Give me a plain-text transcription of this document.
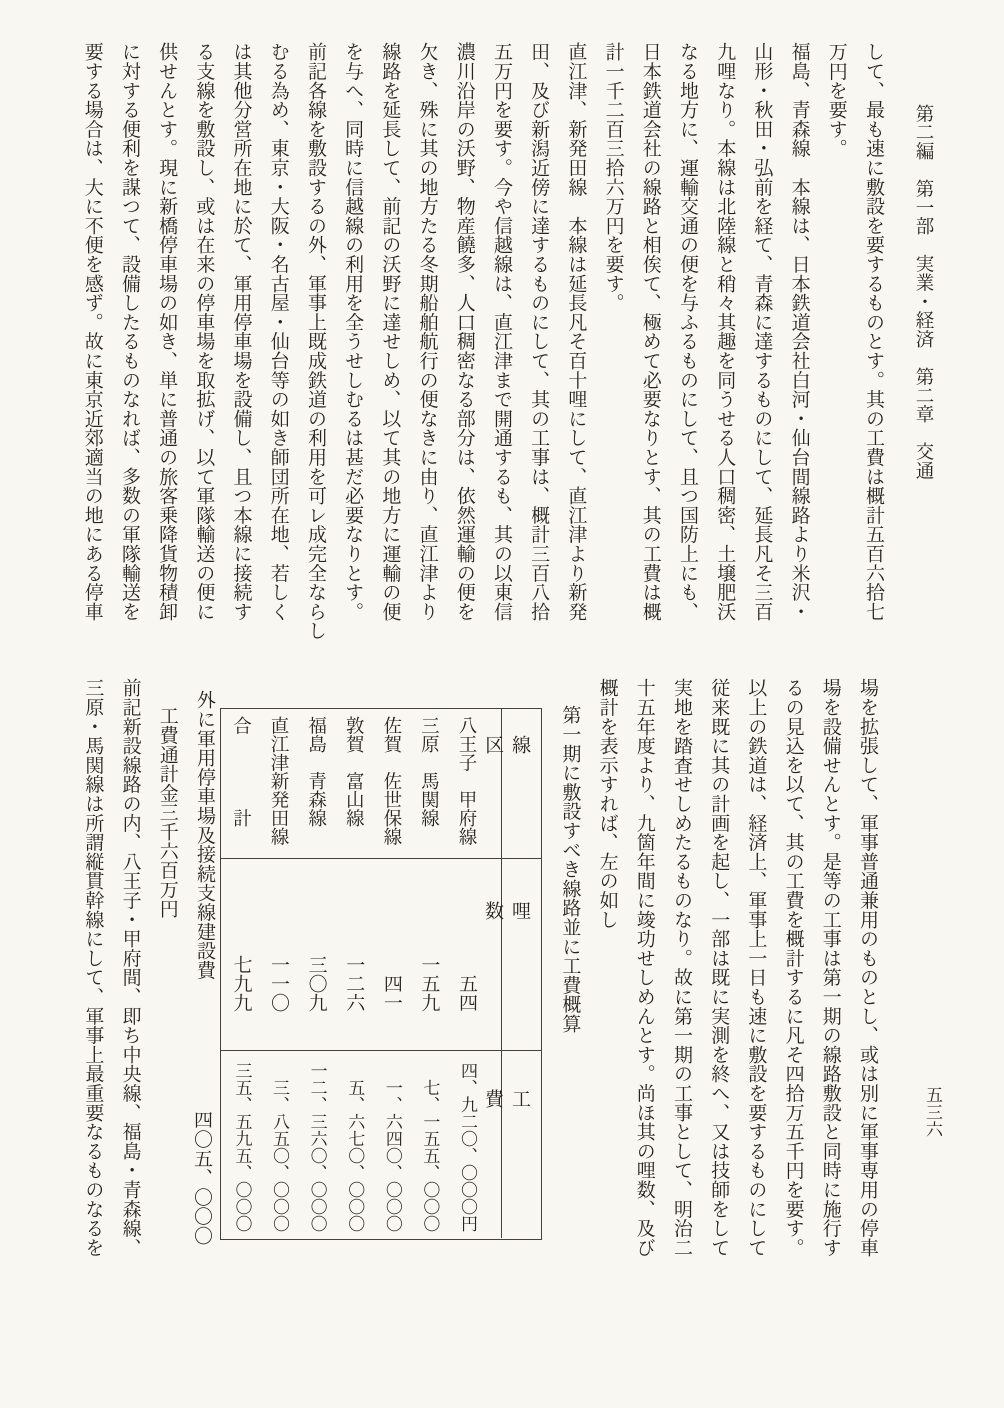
第二編　第一部　実業・経済　第二章　交通
五三六
して、最も速に敷設を要するものとす。其の工費は概計五百六拾七
万円を要す。
福島、青森線　本線は、日本鉄道会社白河・仙台間線路より米沢・
山形・秋田・弘前を経て、青森に達するものにして、延長凡そ三百
九哩なり。本線は北陸線と稍々其趣を同うせる人口稠密、土壌肥沃
なる地方に、運輸交通の便を与ふるものにして、且つ国防上にも、
日本鉄道会社の線路と相俟て、極めて必要なりとす、其の工費は概
計一千二百三拾六万円を要す。
直江津、新発田線　本線は延長凡そ百十哩にして、直江津より新発
田、及び新潟近傍に達するものにして、其の工事は、概計三百八拾
五万円を要す。今や信越線は、直江津まで開通するも、其の以東信
濃川沿岸の沃野、物産饒多、人口稠密なる部分は、依然運輸の便を
欠き、殊に其の地方たる冬期船舶航行の便なきに由り、直江津より
線路を延長して、前記の沃野に達せしめ、以て其の地方に運輸の便
を与へ、同時に信越線の利用を全うせしむるは甚だ必要なりとす。
前記各線を敷設するの外、軍事上既成鉄道の利用を可レ成完全ならし
むる為め、東京・大阪・名古屋・仙台等の如き師団所在地、若しく
は其他分営所在地に於て、軍用停車場を設備し、且つ本線に接続す
る支線を敷設し、或は在来の停車場を取拡げ、以て軍隊輸送の便に
供せんとす。現に新橋停車場の如き、単に普通の旅客乗降貨物積卸
に対する便利を謀つて、設備したるものなれば、多数の軍隊輸送を
要する場合は、大に不便を感ず。故に東京近郊適当の地にある停車
場を拡張して、軍事普通兼用のものとし、或は別に軍事専用の停車
場を設備せんとす。是等の工事は第一期の線路敷設と同時に施行す
るの見込を以て、其の工費を概計するに凡そ四拾万五千円を要す。
以上の鉄道は、経済上、軍事上一日も速に敷設を要するものにして
従来既に其の計画を起し、一部は既に実測を終へ、又は技師をして
実地を踏査せしめたるものなり。故に第一期の工事として、明治二
十五年度より、九箇年間に竣功せしめんとす。尚ほ其の哩数、及び
概計を表示すれば、左の如し
第一期に敷設すべき線路並に工費概算
線区
八王子　甲府線
三原　馬関線
佐賀　佐世保線
敦賀　富山線
福島　青森線
直江津新発田線
合　　　　計
哩数
五四
一五九
四一
一二六
三〇九
一一〇
七九九
工費
四、九二〇、〇〇〇円
七、一五五、〇〇〇
一、六四〇、〇〇〇
五、六七〇、〇〇〇
一二、三六〇、〇〇〇
三、八五〇、〇〇〇
三五、五九五、〇〇〇
外に軍用停車場及接続支線建設費
工費通計金三千六百万円
前記新設線路の内、八王子・甲府間、即ち中央線、福島・青森線、
三原・馬関線は所謂縦貫幹線にして、軍事上最重要なるものなるを	四〇五、〇〇〇
